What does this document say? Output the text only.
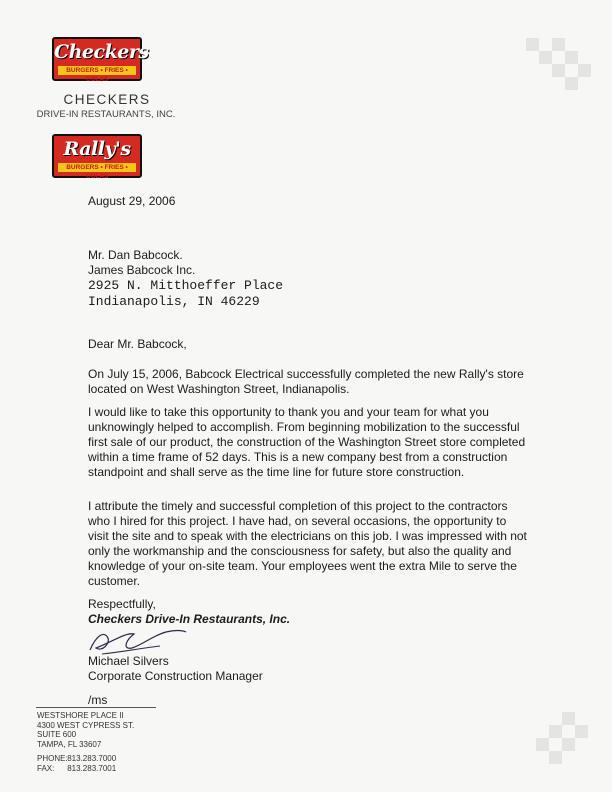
Checkers
BURGERS • FRIES • COLAS
CHECKERS
DRIVE-IN RESTAURANTS, INC.
Rally's
BURGERS • FRIES • COLAS
August 29, 2006
Mr. Dan Babcock.
James Babcock Inc.
2925 N. Mitthoeffer Place
Indianapolis, IN 46229
Dear Mr. Babcock,
On July 15, 2006, Babcock Electrical successfully completed the new Rally's store located on West Washington Street, Indianapolis.
I would like to take this opportunity to thank you and your team for what you unknowingly helped to accomplish. From beginning mobilization to the successful first sale of our product, the construction of the Washington Street store completed within a time frame of 52 days. This is a new company best from a construction standpoint and shall serve as the time line for future store construction.
I attribute the timely and successful completion of this project to the contractors who I hired for this project. I have had, on several occasions, the opportunity to visit the site and to speak with the electricians on this job. I was impressed with not only the workmanship and the consciousness for safety, but also the quality and knowledge of your on-site team. Your employees went the extra Mile to serve the customer.
Respectfully,
Checkers Drive-In Restaurants, Inc.
Michael Silvers
Corporate Construction Manager
/ms
WESTSHORE PLACE II
4300 WEST CYPRESS ST.
SUITE 600
TAMPA, FL 33607
PHONE: 813.283.7000
FAX: 813.283.7001
